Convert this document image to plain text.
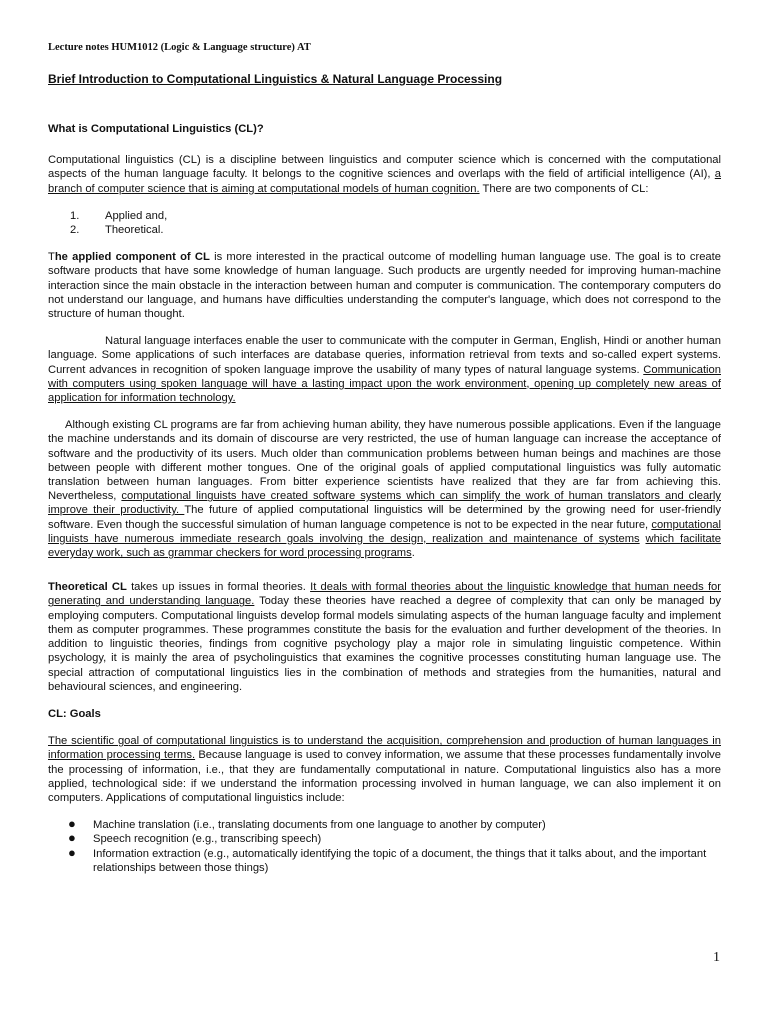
Lecture notes HUM1012 (Logic & Language structure) AT
Brief Introduction to Computational Linguistics & Natural Language Processing

What is Computational Linguistics (CL)?

Computational linguistics (CL) is a discipline between linguistics and computer science which is concerned with the computational aspects of the human language faculty. It belongs to the cognitive sciences and overlaps with the field of artificial intelligence (AI), a branch of computer science that is aiming at computational models of human cognition. There are two components of CL:

1. Applied and,
2. Theoretical.

The applied component of CL is more interested in the practical outcome of modelling human language use. The goal is to create software products that have some knowledge of human language. Such products are urgently needed for improving human-machine interaction since the main obstacle in the interaction between human and computer is communication. The contemporary computers do not understand our language, and humans have difficulties understanding the computer's language, which does not correspond to the structure of human thought.

Natural language interfaces enable the user to communicate with the computer in German, English, Hindi or another human language. Some applications of such interfaces are database queries, information retrieval from texts and so-called expert systems. Current advances in recognition of spoken language improve the usability of many types of natural language systems. Communication with computers using spoken language will have a lasting impact upon the work environment, opening up completely new areas of application for information technology.

Although existing CL programs are far from achieving human ability, they have numerous possible applications. Even if the language the machine understands and its domain of discourse are very restricted, the use of human language can increase the acceptance of software and the productivity of its users. Much older than communication problems between human beings and machines are those between people with different mother tongues. One of the original goals of applied computational linguistics was fully automatic translation between human languages. From bitter experience scientists have realized that they are far from achieving this. Nevertheless, computational linguists have created software systems which can simplify the work of human translators and clearly improve their productivity. The future of applied computational linguistics will be determined by the growing need for user-friendly software. Even though the successful simulation of human language competence is not to be expected in the near future, computational linguists have numerous immediate research goals involving the design, realization and maintenance of systems which facilitate everyday work, such as grammar checkers for word processing programs.

Theoretical CL takes up issues in formal theories. It deals with formal theories about the linguistic knowledge that human needs for generating and understanding language. Today these theories have reached a degree of complexity that can only be managed by employing computers. Computational linguists develop formal models simulating aspects of the human language faculty and implement them as computer programmes. These programmes constitute the basis for the evaluation and further development of the theories. In addition to linguistic theories, findings from cognitive psychology play a major role in simulating linguistic competence. Within psychology, it is mainly the area of psycholinguistics that examines the cognitive processes constituting human language use. The special attraction of computational linguistics lies in the combination of methods and strategies from the humanities, natural and behavioural sciences, and engineering.

CL: Goals

The scientific goal of computational linguistics is to understand the acquisition, comprehension and production of human languages in information processing terms. Because language is used to convey information, we assume that these processes fundamentally involve the processing of information, i.e., that they are fundamentally computational in nature. Computational linguistics also has a more applied, technological side: if we understand the information processing involved in human language, we can also implement it on computers. Applications of computational linguistics include:

● Machine translation (i.e., translating documents from one language to another by computer)
● Speech recognition (e.g., transcribing speech)
● Information extraction (e.g., automatically identifying the topic of a document, the things that it talks about, and the important relationships between those things)
1
